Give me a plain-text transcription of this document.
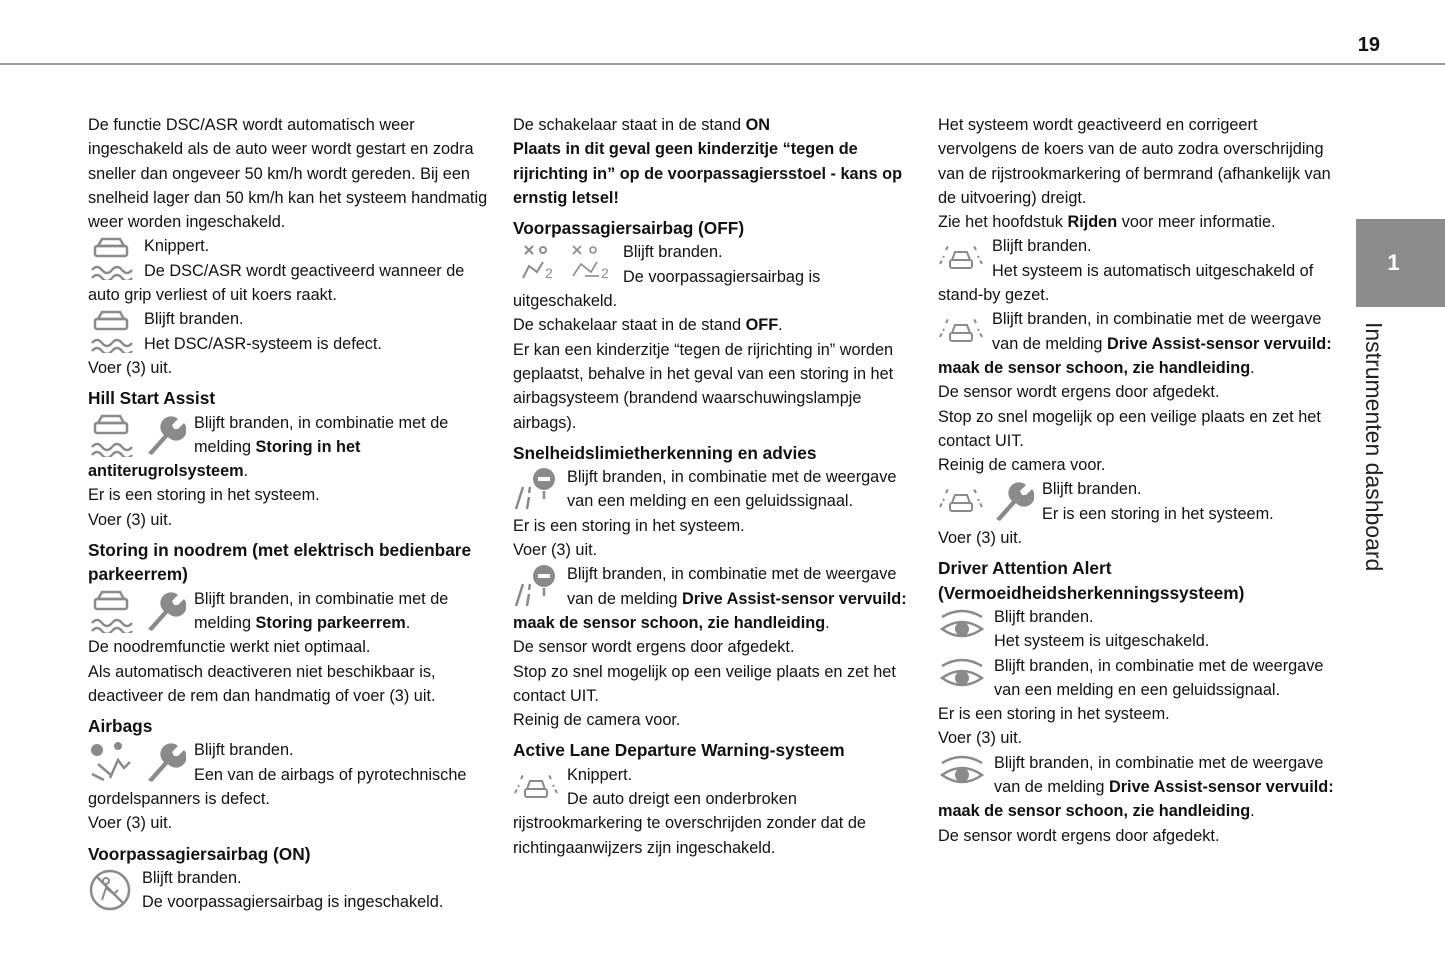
19
1
Instrumenten dashboard

De functie DSC/ASR wordt automatisch weer ingeschakeld als de auto weer wordt gestart en zodra sneller dan ongeveer 50 km/h wordt gereden. Bij een snelheid lager dan 50 km/h kan het systeem handmatig weer worden ingeschakeld.

Knippert.

De DSC/ASR wordt geactiveerd wanneer de auto grip verliest of uit koers raakt.

Blijft branden.

Het DSC/ASR-systeem is defect.

Voer (3) uit.

Hill Start Assist

Blijft branden, in combinatie met de melding Storing in het antiterugrolsysteem.

Er is een storing in het systeem.

Voer (3) uit.

Storing in noodrem (met elektrisch bedienbare parkeerrem)

Blijft branden, in combinatie met de melding Storing parkeerrem.

De noodremfunctie werkt niet optimaal.

Als automatisch deactiveren niet beschikbaar is, deactiveer de rem dan handmatig of voer (3) uit.

Airbags

Blijft branden.

Een van de airbags of pyrotechnische gordelspanners is defect.

Voer (3) uit.

Voorpassagiersairbag (ON)

Blijft branden.

De voorpassagiersairbag is ingeschakeld.

De schakelaar staat in de stand ON

Plaats in dit geval geen kinderzitje “tegen de rijrichting in” op de voorpassagiersstoel - kans op ernstig letsel!

Voorpassagiersairbag (OFF)

2	2

Blijft branden.

De voorpassagiersairbag is uitgeschakeld.

De schakelaar staat in de stand OFF.

Er kan een kinderzitje “tegen de rijrichting in” worden geplaatst, behalve in het geval van een storing in het airbagsysteem (brandend waarschuwingslampje airbags).

Snelheidslimietherkenning en advies

Blijft branden, in combinatie met de weergave van een melding en een geluidssignaal.

Er is een storing in het systeem.

Voer (3) uit.

Blijft branden, in combinatie met de weergave van de melding Drive Assist-sensor vervuild: maak de sensor schoon, zie handleiding.

De sensor wordt ergens door afgedekt.

Stop zo snel mogelijk op een veilige plaats en zet het contact UIT.

Reinig de camera voor.

Active Lane Departure Warning-systeem

Knippert.

De auto dreigt een onderbroken rijstrookmarkering te overschrijden zonder dat de richtingaanwijzers zijn ingeschakeld.

Het systeem wordt geactiveerd en corrigeert vervolgens de koers van de auto zodra overschrijding van de rijstrookmarkering of bermrand (afhankelijk van de uitvoering) dreigt.

Zie het hoofdstuk Rijden voor meer informatie.

Blijft branden.

Het systeem is automatisch uitgeschakeld of stand-by gezet.

Blijft branden, in combinatie met de weergave van de melding Drive Assist-sensor vervuild: maak de sensor schoon, zie handleiding.

De sensor wordt ergens door afgedekt.

Stop zo snel mogelijk op een veilige plaats en zet het contact UIT.

Reinig de camera voor.

Blijft branden.

Er is een storing in het systeem.

Voer (3) uit.

Driver Attention Alert (Vermoeidheidsherkenningssysteem)

Blijft branden.

Het systeem is uitgeschakeld.

Blijft branden, in combinatie met de weergave van een melding en een geluidssignaal.

Er is een storing in het systeem.

Voer (3) uit.

Blijft branden, in combinatie met de weergave van de melding Drive Assist-sensor vervuild: maak de sensor schoon, zie handleiding.

De sensor wordt ergens door afgedekt.
